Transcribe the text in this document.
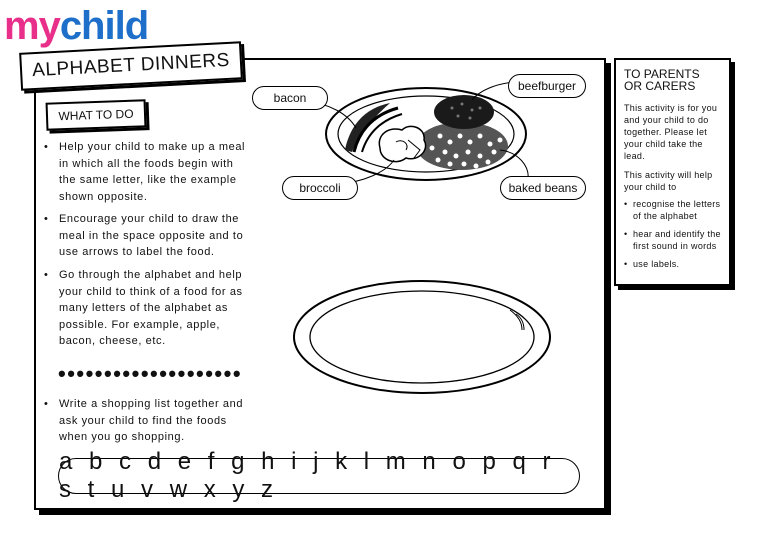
mychild
ALPHABET DINNERS
WHAT TO DO
• Help your child to make up a meal in which all the foods begin with the same letter, like the example shown opposite.
• Encourage your child to draw the meal in the space opposite and to use arrows to label the food.
• Go through the alphabet and help your child to think of a food for as many letters of the alphabet as possible. For example, apple, bacon, cheese, etc.
••••••••••••••••••••
• Write a shopping list together and ask your child to find the foods when you go shopping.
bacon
beefburger
broccoli	baked beans
a b c d e f g h i j k l m n o p q r s t u v w x y z
TO PARENTS
OR CARERS
This activity is for you and your child to do together. Please let your child take the lead.
This activity will help your child to
• recognise the letters of the alphabet
• hear and identify the first sound in words
• use labels.
